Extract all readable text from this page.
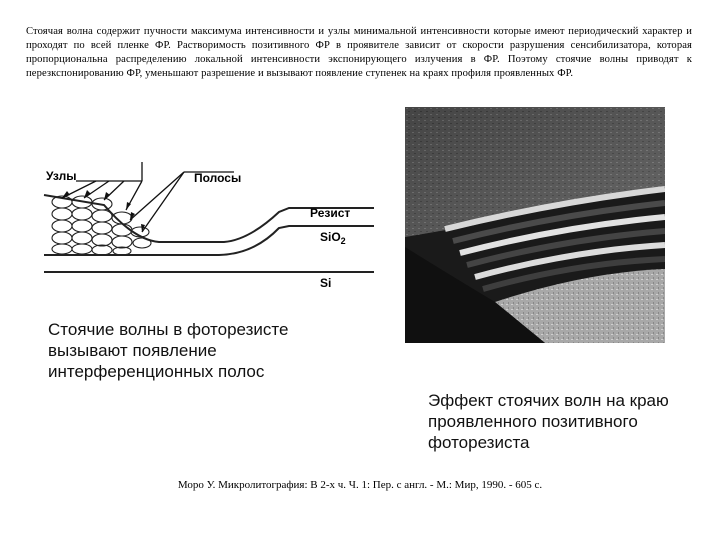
Стоячая волна содержит пучности максимума интенсивности и узлы минимальной интенсивности которые имеют периодический характер и проходят по всей пленке ФР. Растворимость позитивного ФР в проявителе зависит от скорости разрушения сенсибилизатора, которая пропорциональна распределению локальной интенсивности экспонирующего излучения в ФР. Поэтому стоячие волны приводят к перезкспонированию ФР, уменьшают разрешение и вызывают появление ступенек на краях профиля проявленных ФР.

Узлы	Полосы
Резист
SiO$_2$
Si
Стоячие волны в фоторезисте вызывают появление интерференционных полос
Эффект стоячих волн на краю проявленного позитивного фоторезиста
Моро У. Микролитография: В 2-х ч. Ч. 1: Пер. с англ. - М.: Мир, 1990. - 605 с.
